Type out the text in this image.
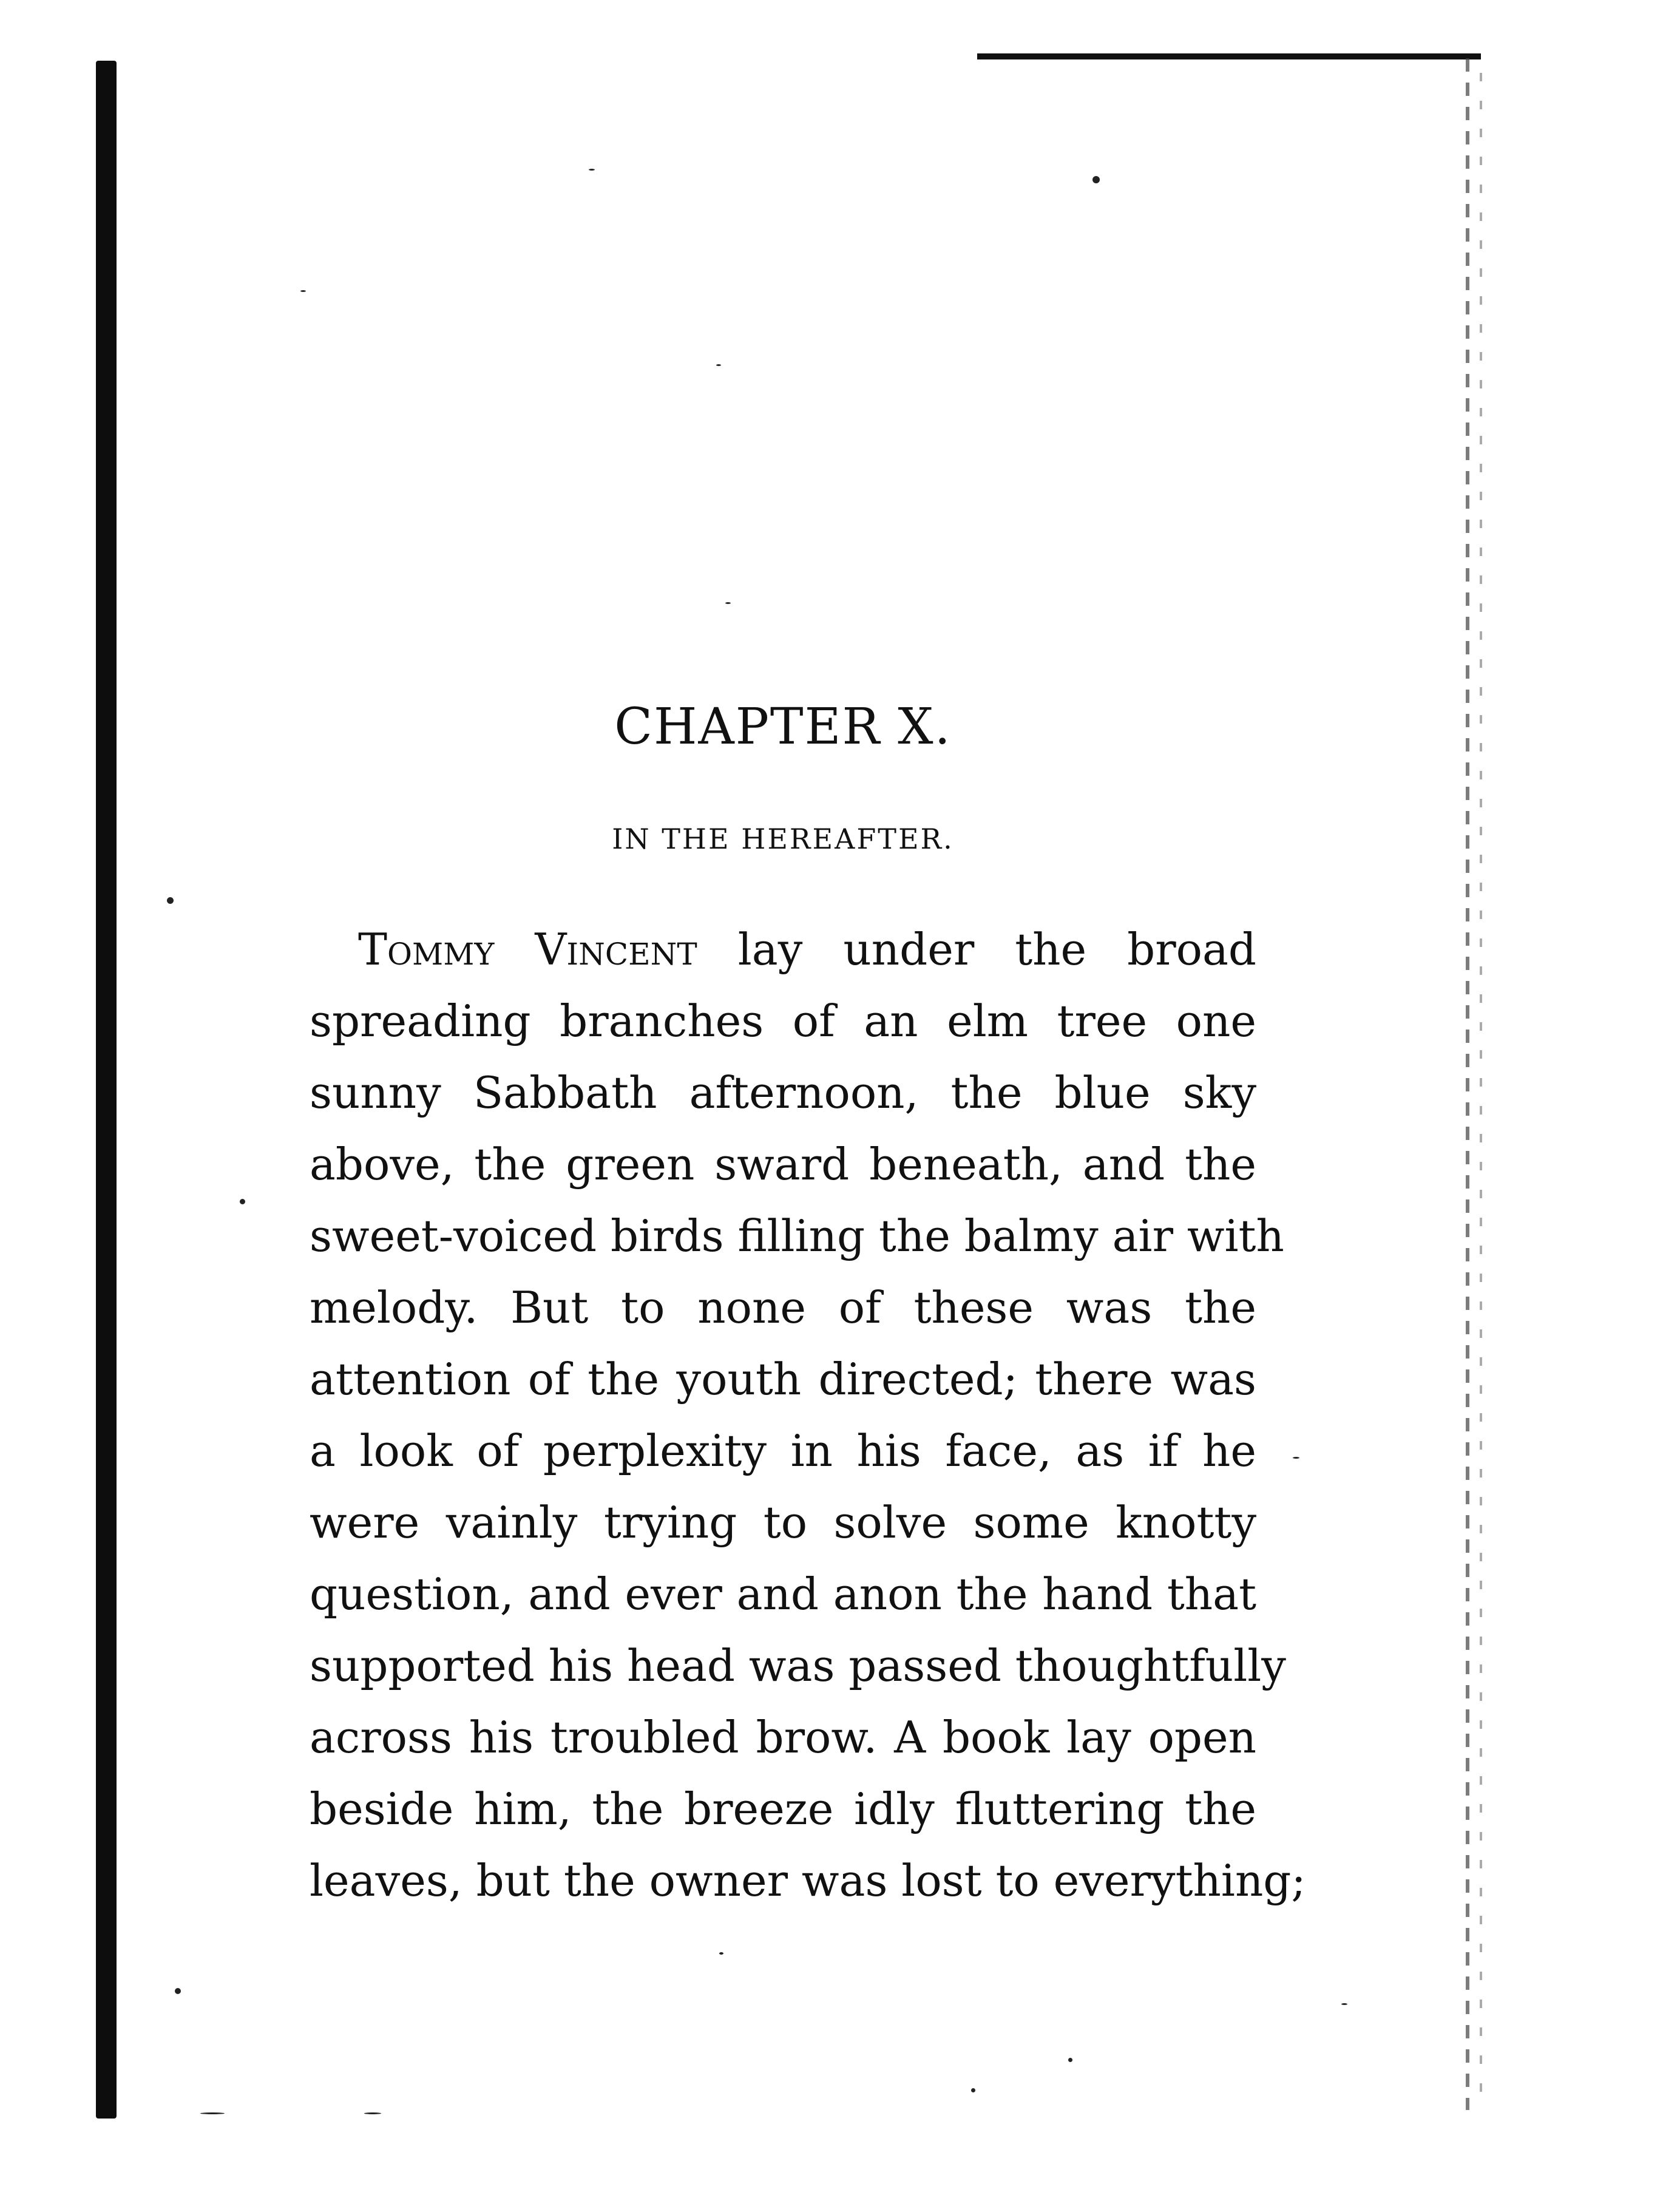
CHAPTER X.
IN THE HEREAFTER.
Tommy Vincent lay under the broad
spreading branches of an elm tree one
sunny Sabbath afternoon, the blue sky
above, the green sward beneath, and the
sweet-voiced birds filling the balmy air with
melody. But to none of these was the
attention of the youth directed; there was
a look of perplexity in his face, as if he
were vainly trying to solve some knotty
question, and ever and anon the hand that
supported his head was passed thoughtfully
across his troubled brow. A book lay open
beside him, the breeze idly fluttering the
leaves, but the owner was lost to everything;
